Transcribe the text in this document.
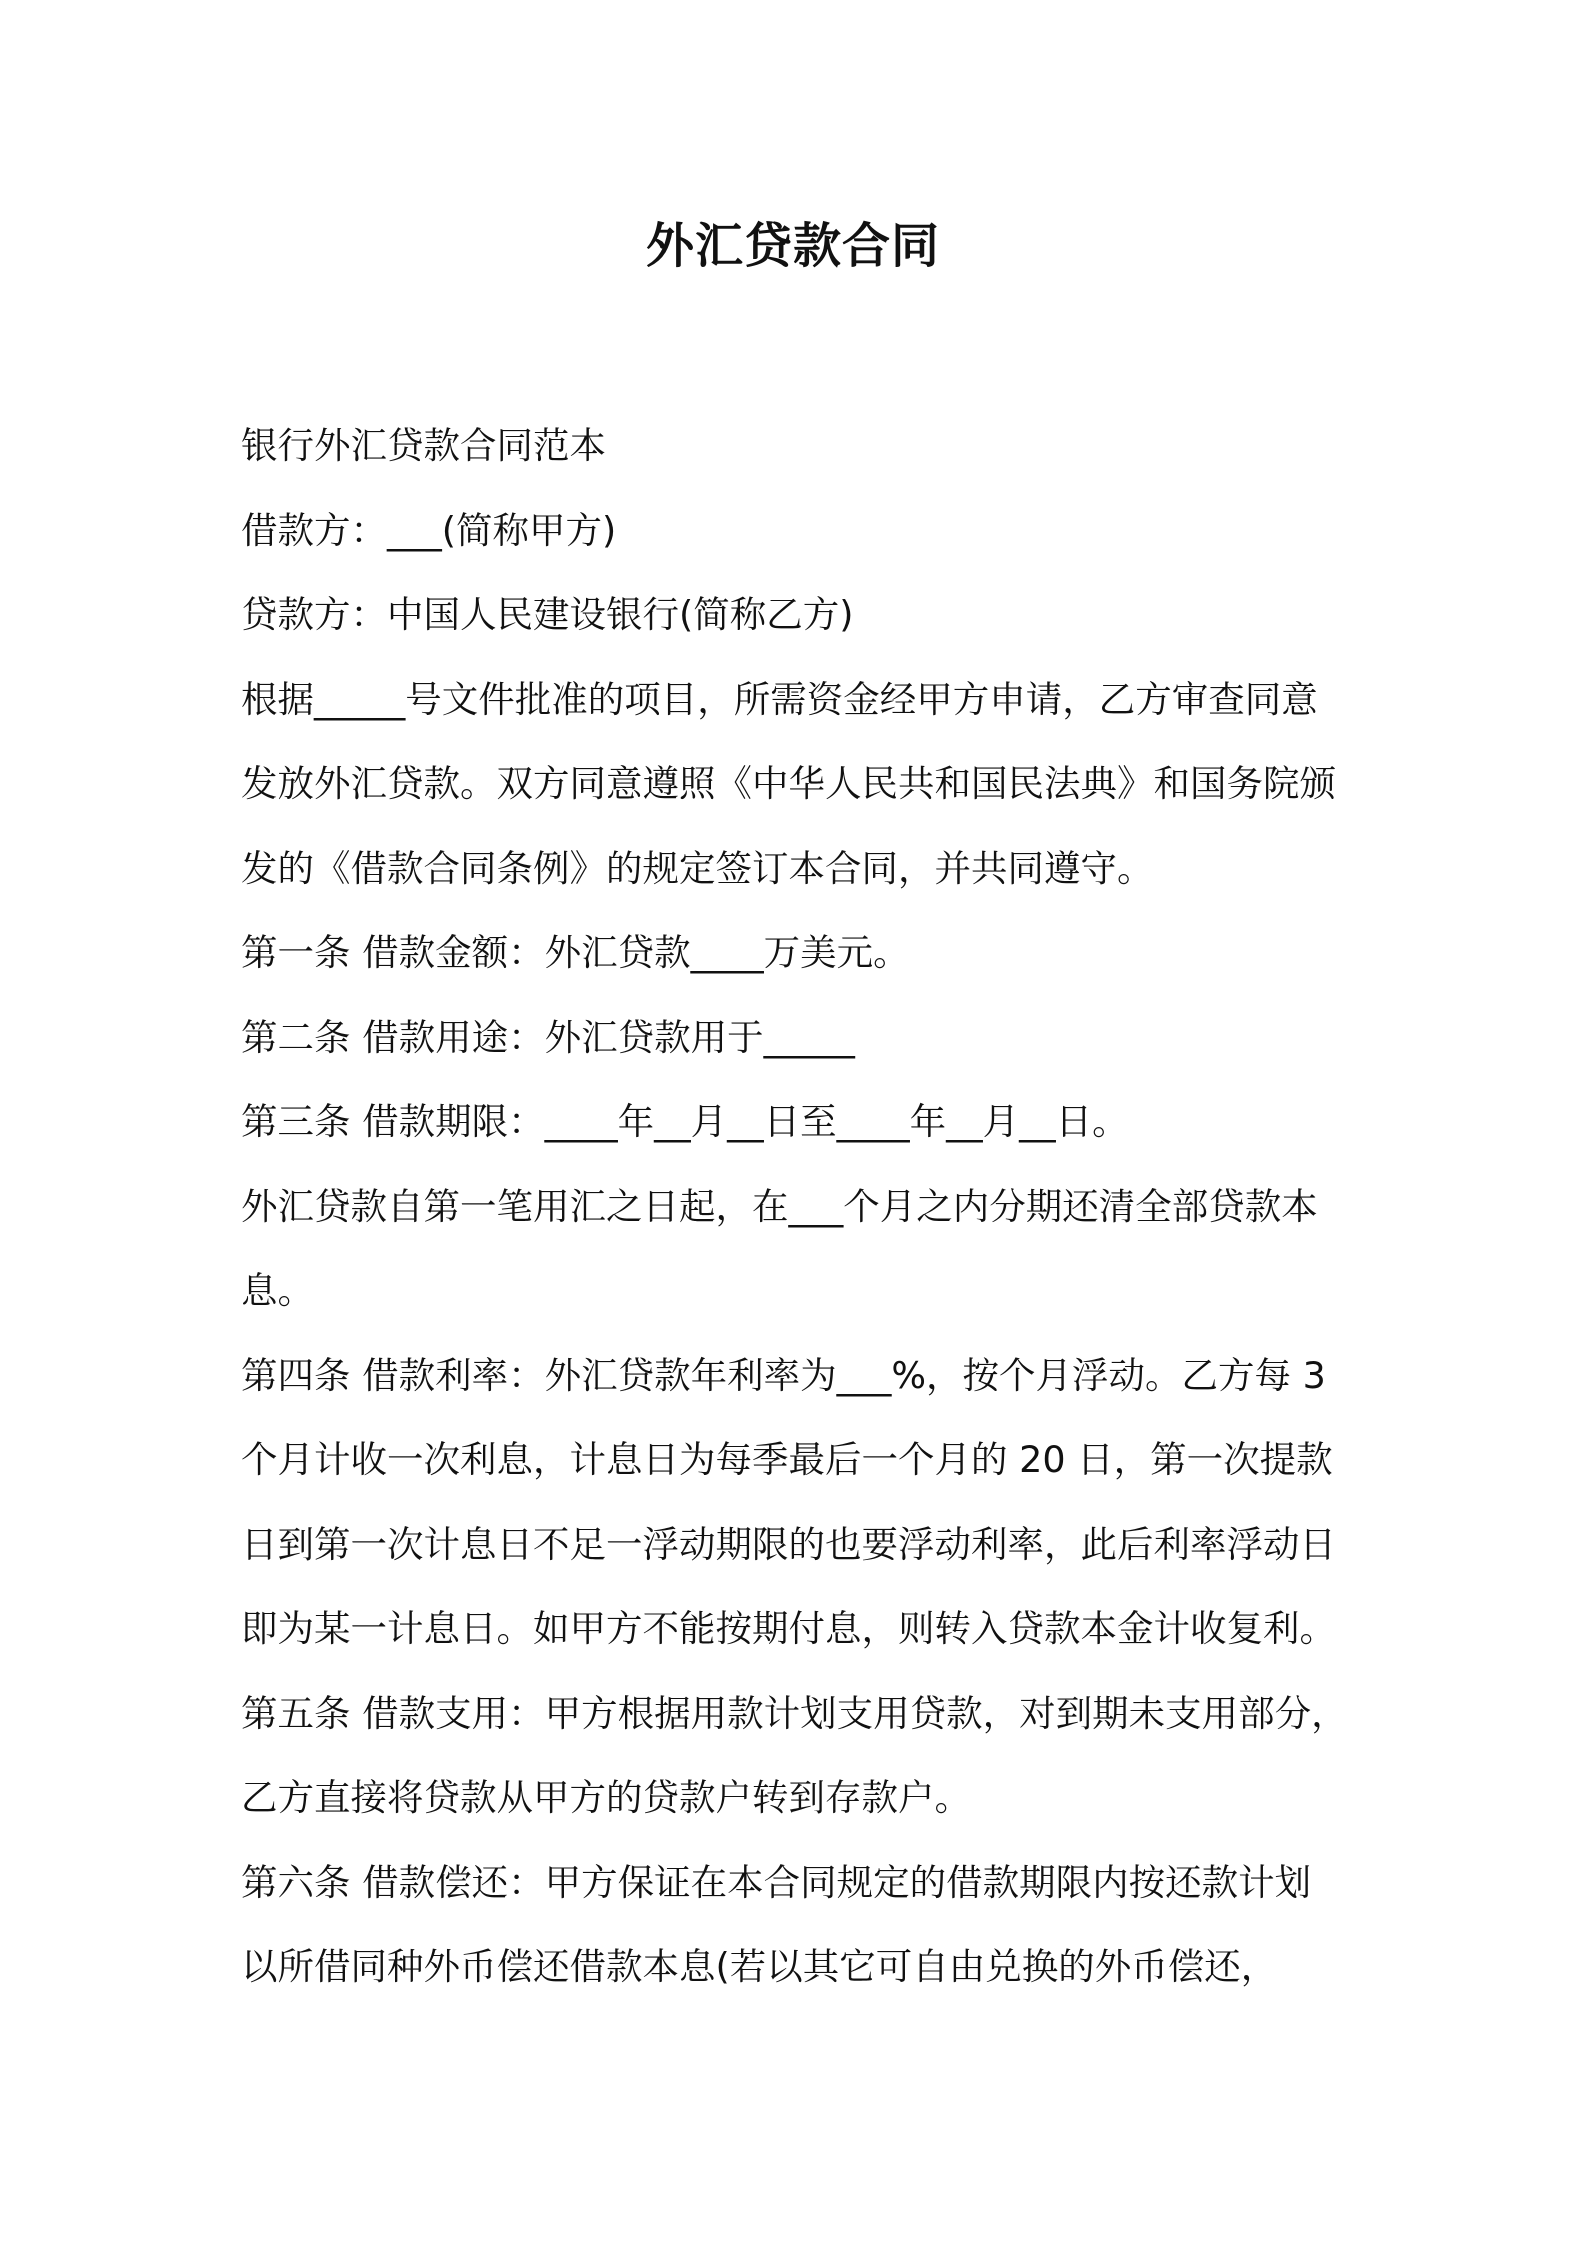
外汇贷款合同

银行外汇贷款合同范本

借款方：___(简称甲方)

贷款方：中国人民建设银行(简称乙方)

根据_____号文件批准的项目，所需资金经甲方申请，乙方审查同意

发放外汇贷款。双方同意遵照《中华人民共和国民法典》和国务院颁

发的《借款合同条例》的规定签订本合同，并共同遵守。

第一条 借款金额：外汇贷款____万美元。

第二条 借款用途：外汇贷款用于_____

第三条 借款期限：____年__月__日至____年__月__日。

外汇贷款自第一笔用汇之日起，在___个月之内分期还清全部贷款本

息。

第四条 借款利率：外汇贷款年利率为___%，按个月浮动。乙方每 3

个月计收一次利息，计息日为每季最后一个月的 20 日，第一次提款

日到第一次计息日不足一浮动期限的也要浮动利率，此后利率浮动日

即为某一计息日。如甲方不能按期付息，则转入贷款本金计收复利。

第五条 借款支用：甲方根据用款计划支用贷款，对到期未支用部分，

乙方直接将贷款从甲方的贷款户转到存款户。

第六条 借款偿还：甲方保证在本合同规定的借款期限内按还款计划

以所借同种外币偿还借款本息(若以其它可自由兑换的外币偿还，
